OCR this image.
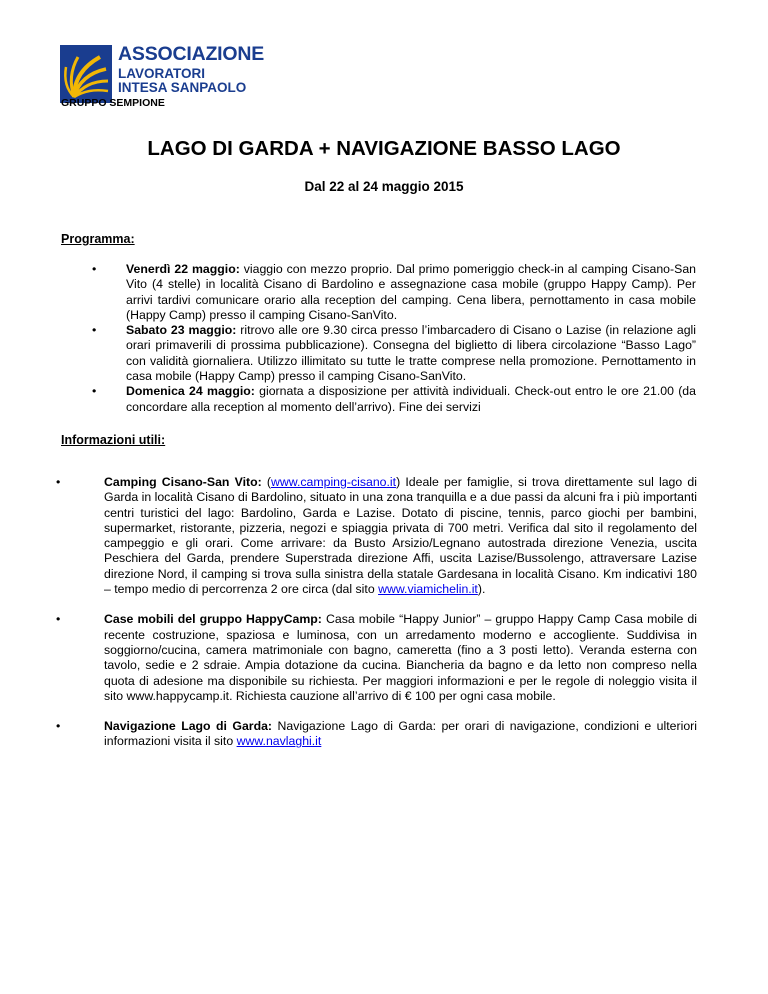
ASSOCIAZIONE
LAVORATORI
INTESA SANPAOLO
GRUPPO SEMPIONE
LAGO DI GARDA + NAVIGAZIONE BASSO LAGO
Dal 22 al 24 maggio 2015
Programma:
• Venerdì 22 maggio: viaggio con mezzo proprio. Dal primo pomeriggio check-in al camping Cisano-San Vito (4 stelle) in località Cisano di Bardolino e assegnazione casa mobile (gruppo Happy Camp). Per arrivi tardivi comunicare orario alla reception del camping. Cena libera, pernottamento in casa mobile (Happy Camp) presso il camping Cisano-SanVito.
• Sabato 23 maggio: ritrovo alle ore 9.30 circa presso l’imbarcadero di Cisano o Lazise (in relazione agli orari primaverili di prossima pubblicazione). Consegna del biglietto di libera circolazione “Basso Lago” con validità giornaliera. Utilizzo illimitato su tutte le tratte comprese nella promozione. Pernottamento in casa mobile (Happy Camp) presso il camping Cisano-SanVito.
• Domenica 24 maggio: giornata a disposizione per attività individuali. Check-out entro le ore 21.00 (da concordare alla reception al momento dell’arrivo). Fine dei servizi
Informazioni utili:
•	Camping Cisano-San Vito: (www.camping-cisano.it) Ideale per famiglie, si trova direttamente sul lago di Garda in località Cisano di Bardolino, situato in una zona tranquilla e a due passi da alcuni fra i più importanti centri turistici del lago: Bardolino, Garda e Lazise. Dotato di piscine, tennis, parco giochi per bambini, supermarket, ristorante, pizzeria, negozi e spiaggia privata di 700 metri. Verifica dal sito il regolamento del campeggio e gli orari. Come arrivare: da Busto Arsizio/Legnano autostrada direzione Venezia, uscita Peschiera del Garda, prendere Superstrada direzione Affi, uscita Lazise/Bussolengo, attraversare Lazise direzione Nord, il camping si trova sulla sinistra della statale Gardesana in località Cisano. Km indicativi 180 – tempo medio di percorrenza 2 ore circa (dal sito www.viamichelin.it).
•	Case mobili del gruppo HappyCamp: Casa mobile “Happy Junior” – gruppo Happy Camp Casa mobile di recente costruzione, spaziosa e luminosa, con un arredamento moderno e accogliente. Suddivisa in soggiorno/cucina, camera matrimoniale con bagno, cameretta (fino a 3 posti letto). Veranda esterna con tavolo, sedie e 2 sdraie. Ampia dotazione da cucina. Biancheria da bagno e da letto non compreso nella quota di adesione ma disponibile su richiesta. Per maggiori informazioni e per le regole di noleggio visita il sito www.happycamp.it. Richiesta cauzione all’arrivo di € 100 per ogni casa mobile.
•	Navigazione Lago di Garda: Navigazione Lago di Garda: per orari di navigazione, condizioni e ulteriori informazioni visita il sito www.navlaghi.it
